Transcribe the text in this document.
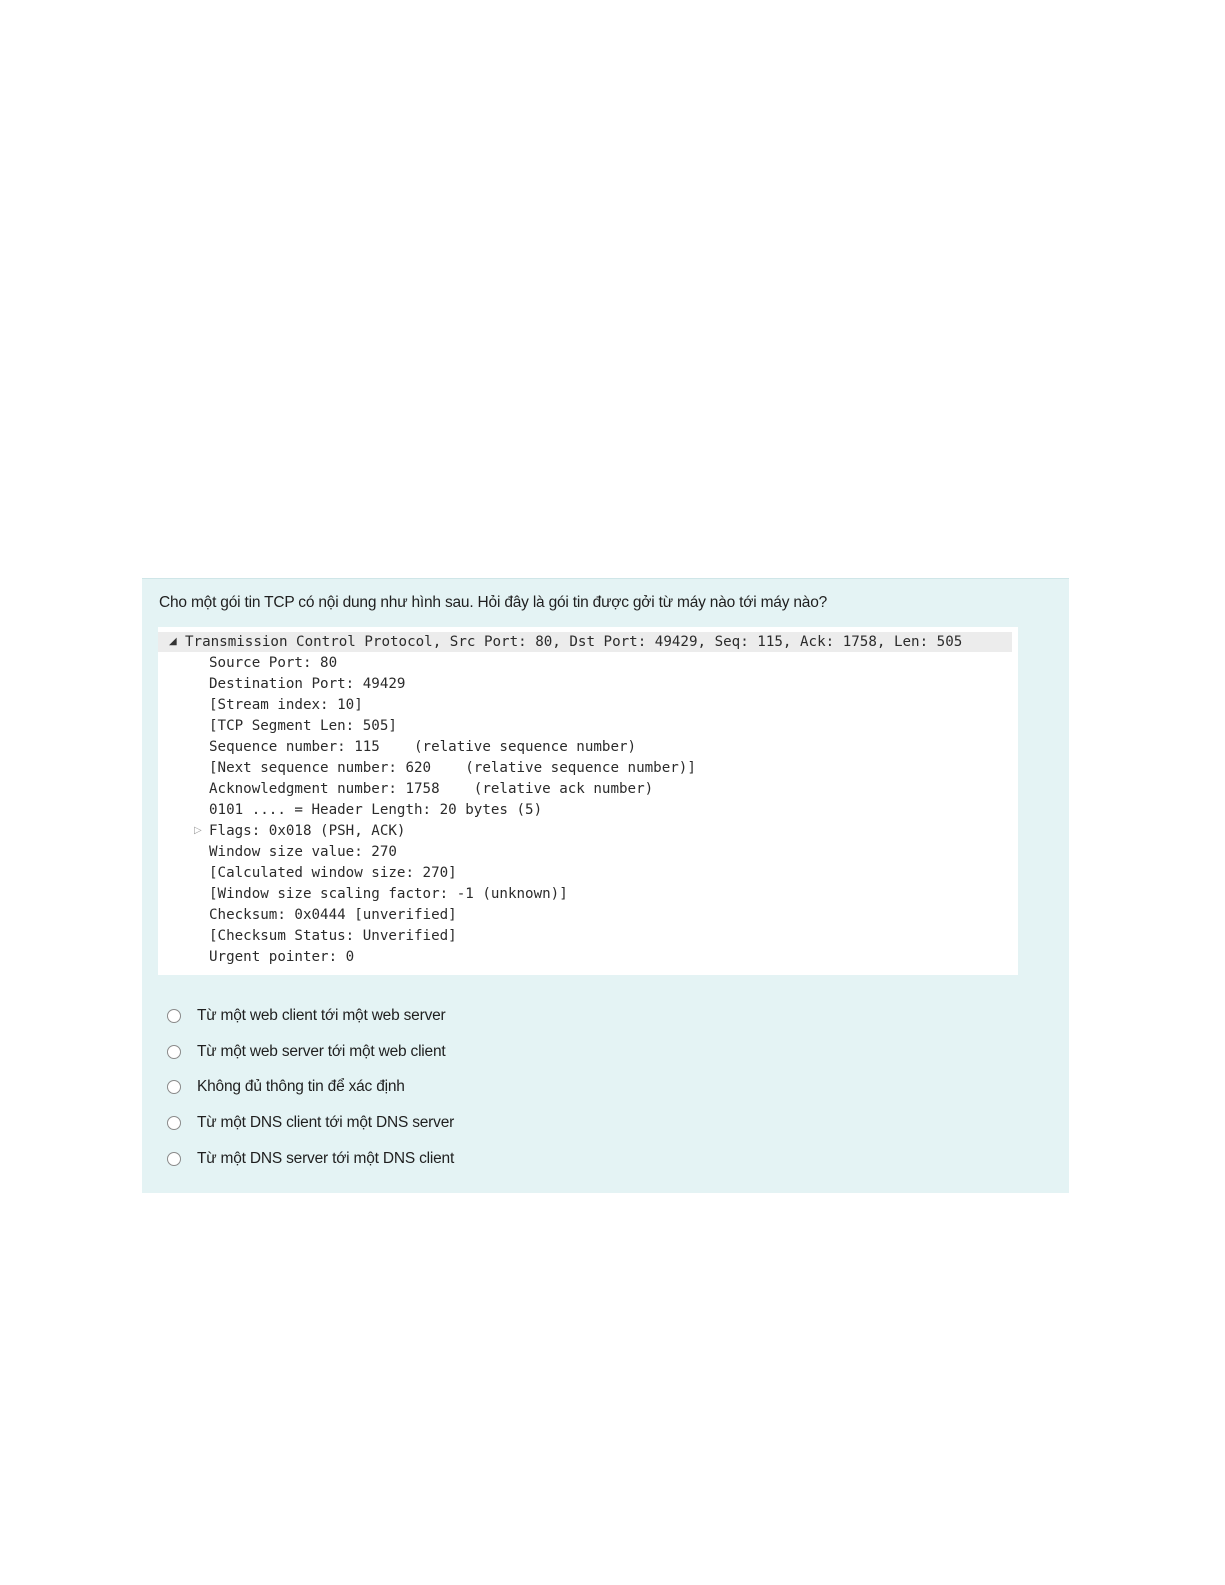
Cho một gói tin TCP có nội dung như hình sau. Hỏi đây là gói tin được gởi từ máy nào tới máy nào?
◢ Transmission Control Protocol, Src Port: 80, Dst Port: 49429, Seq: 115, Ack: 1758, Len: 505
Source Port: 80
Destination Port: 49429
[Stream index: 10]
[TCP Segment Len: 505]
Sequence number: 115    (relative sequence number)
[Next sequence number: 620    (relative sequence number)]
Acknowledgment number: 1758    (relative ack number)
0101 .... = Header Length: 20 bytes (5)
▷ Flags: 0x018 (PSH, ACK)
Window size value: 270
[Calculated window size: 270]
[Window size scaling factor: -1 (unknown)]
Checksum: 0x0444 [unverified]
[Checksum Status: Unverified]
Urgent pointer: 0
Từ một web client tới một web server
Từ một web server tới một web client
Không đủ thông tin để xác định
Từ một DNS client tới một DNS server
Từ một DNS server tới một DNS client
